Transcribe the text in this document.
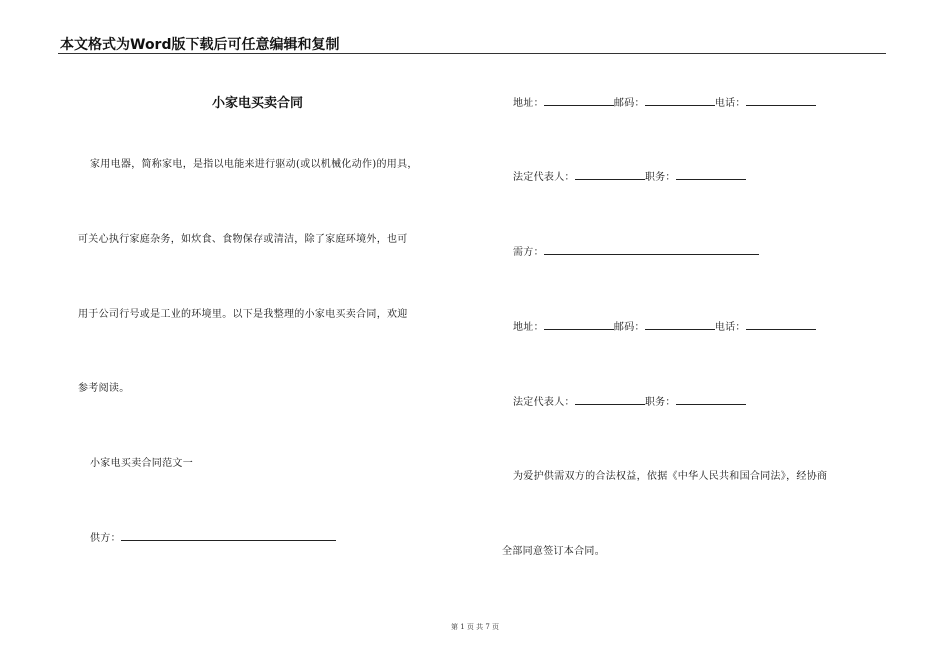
本文格式为Word版下载后可任意编辑和复制
小家电买卖合同
家用电器，简称家电，是指以电能来进行驱动(或以机械化动作)的用具，
可关心执行家庭杂务，如炊食、食物保存或清洁，除了家庭环境外，也可
用于公司行号或是工业的环境里。以下是我整理的小家电买卖合同，欢迎
参考阅读。
小家电买卖合同范文一
供方：
地址：	邮码：	电话：
法定代表人：	职务：
需方：
地址：	邮码：	电话：
法定代表人：	职务：
为爱护供需双方的合法权益，依据《中华人民共和国合同法》，经协商
全部同意签订本合同。
第 1 页 共 7 页
